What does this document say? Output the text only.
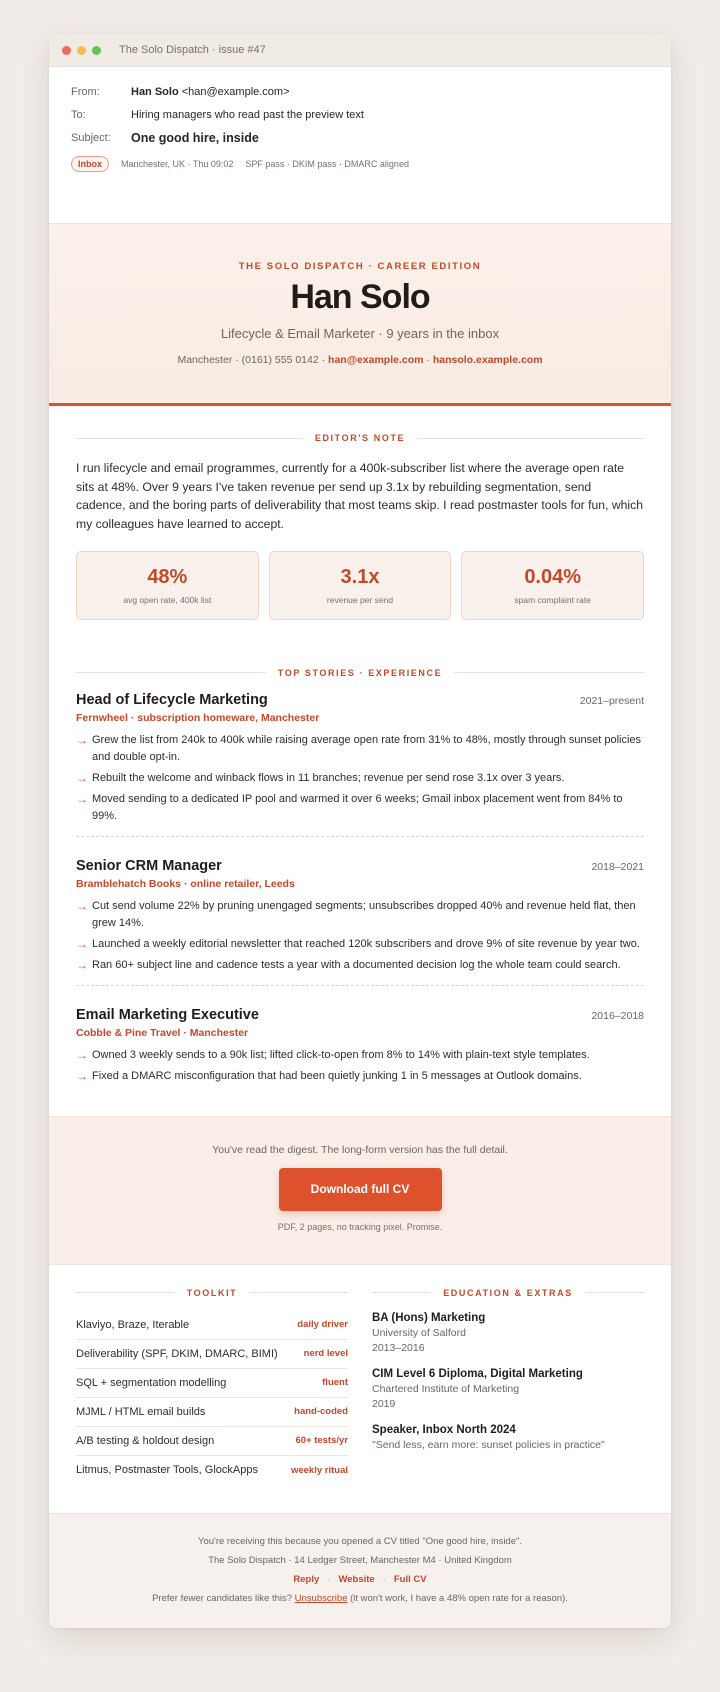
The Solo Dispatch · issue #47
From:	Han Solo <han@example.com>
To:	Hiring managers who read past the preview text
Subject:	One good hire, inside
Inbox	Manchester, UK · Thu 09:02 SPF pass · DKIM pass · DMARC aligned
THE SOLO DISPATCH · CAREER EDITION
Han Solo
Lifecycle & Email Marketer · 9 years in the inbox
Manchester · (0161) 555 0142 · han@example.com · hansolo.example.com
EDITOR'S NOTE

I run lifecycle and email programmes, currently for a 400k-subscriber list where the average open rate sits at 48%. Over 9 years I've taken revenue per send up 3.1x by rebuilding segmentation, send cadence, and the boring parts of deliverability that most teams skip. I read postmaster tools for fun, which my colleagues have learned to accept.

48%
avg open rate, 400k list
3.1x
revenue per send
0.04%
spam complaint rate
TOP STORIES · EXPERIENCE
Head of Lifecycle Marketing	2021–present
Fernwheel · subscription homeware, Manchester
→ Grew the list from 240k to 400k while raising average open rate from 31% to 48%, mostly through sunset policies and double opt-in.
→ Rebuilt the welcome and winback flows in 11 branches; revenue per send rose 3.1x over 3 years.
→ Moved sending to a dedicated IP pool and warmed it over 6 weeks; Gmail inbox placement went from 84% to 99%.
Senior CRM Manager	2018–2021
Bramblehatch Books · online retailer, Leeds
→ Cut send volume 22% by pruning unengaged segments; unsubscribes dropped 40% and revenue held flat, then grew 14%.
→ Launched a weekly editorial newsletter that reached 120k subscribers and drove 9% of site revenue by year two.
→ Ran 60+ subject line and cadence tests a year with a documented decision log the whole team could search.
Email Marketing Executive	2016–2018
Cobble & Pine Travel · Manchester
→ Owned 3 weekly sends to a 90k list; lifted click-to-open from 8% to 14% with plain-text style templates.
→ Fixed a DMARC misconfiguration that had been quietly junking 1 in 5 messages at Outlook domains.
You've read the digest. The long-form version has the full detail.
Download full CV
PDF, 2 pages, no tracking pixel. Promise.
TOOLKIT
Klaviyo, Braze, Iterable	daily driver
Deliverability (SPF, DKIM, DMARC, BIMI)	nerd level
SQL + segmentation modelling	fluent
MJML / HTML email builds	hand-coded
A/B testing & holdout design	60+ tests/yr
Litmus, Postmaster Tools, GlockApps	weekly ritual
EDUCATION & EXTRAS
BA (Hons) Marketing
University of Salford
2013–2016
CIM Level 6 Diploma, Digital Marketing
Chartered Institute of Marketing
2019
Speaker, Inbox North 2024
"Send less, earn more: sunset policies in practice"
You're receiving this because you opened a CV titled "One good hire, inside".
The Solo Dispatch · 14 Ledger Street, Manchester M4 · United Kingdom
Reply · Website · Full CV
Prefer fewer candidates like this? Unsubscribe (it won't work, I have a 48% open rate for a reason).
